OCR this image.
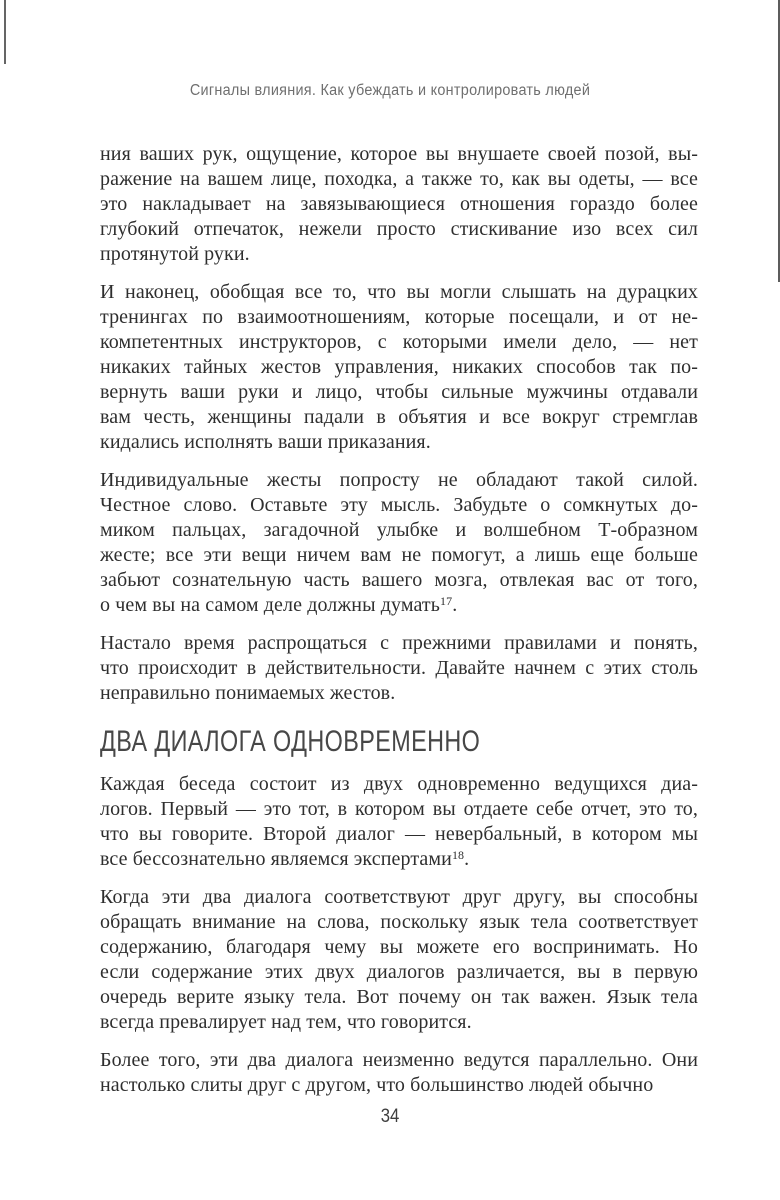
Сигналы влияния. Как убеждать и контролировать людей
ния ваших рук, ощущение, которое вы внушаете своей позой, вы-
ражение на вашем лице, походка, а также то, как вы одеты, — все
это накладывает на завязывающиеся отношения гораздо более
глубокий отпечаток, нежели просто стискивание изо всех сил
протянутой руки.
И наконец, обобщая все то, что вы могли слышать на дурацких
тренингах по взаимоотношениям, которые посещали, и от не-
компетентных инструкторов, с которыми имели дело, — нет
никаких тайных жестов управления, никаких способов так по-
вернуть ваши руки и лицо, чтобы сильные мужчины отдавали
вам честь, женщины падали в объятия и все вокруг стремглав
кидались исполнять ваши приказания.
Индивидуальные жесты попросту не обладают такой силой.
Честное слово. Оставьте эту мысль. Забудьте о сомкнутых до-
миком пальцах, загадочной улыбке и волшебном Т-образном
жесте; все эти вещи ничем вам не помогут, а лишь еще больше
забьют сознательную часть вашего мозга, отвлекая вас от того,
о чем вы на самом деле должны думать$^{17}$.
Настало время распрощаться с прежними правилами и понять,
что происходит в действительности. Давайте начнем с этих столь
неправильно понимаемых жестов.
ДВА ДИАЛОГА ОДНОВРЕМЕННО
Каждая беседа состоит из двух одновременно ведущихся диа-
логов. Первый — это тот, в котором вы отдаете себе отчет, это то,
что вы говорите. Второй диалог — невербальный, в котором мы
все бессознательно являемся экспертами$^{18}$.
Когда эти два диалога соответствуют друг другу, вы способны
обращать внимание на слова, поскольку язык тела соответствует
содержанию, благодаря чему вы можете его воспринимать. Но
если содержание этих двух диалогов различается, вы в первую
очередь верите языку тела. Вот почему он так важен. Язык тела
всегда превалирует над тем, что говорится.
Более того, эти два диалога неизменно ведутся параллельно. Они
настолько слиты друг с другом, что большинство людей обычно
34
